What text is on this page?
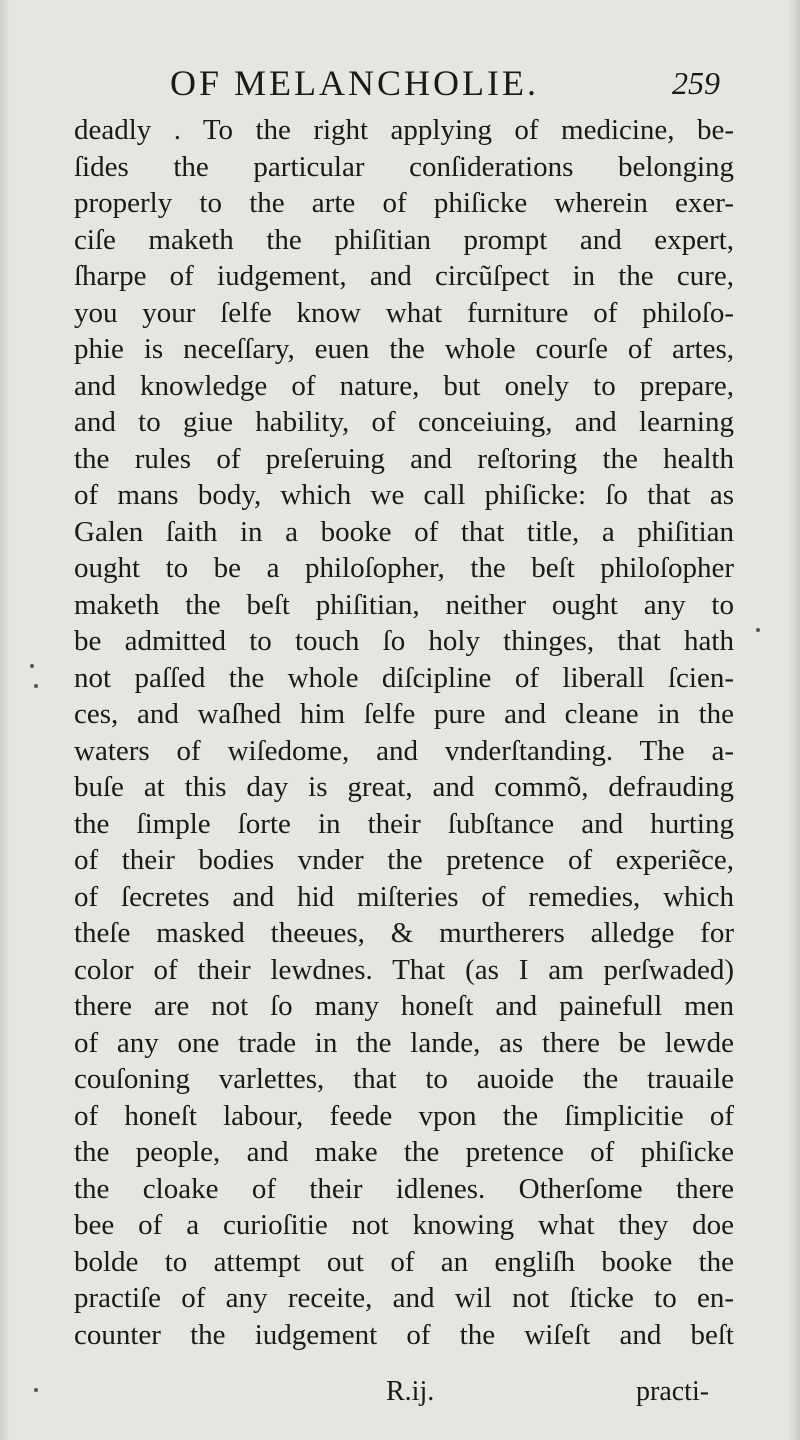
OF MELANCHOLIE.	259
deadly . To the right applying of medicine, be-
ſides the particular conſiderations belonging
properly to the arte of phiſicke wherein exer-
ciſe maketh the phiſitian prompt and expert,
ſharpe of iudgement, and circũſpect in the cure,
you your ſelfe know what furniture of philoſo-
phie is neceſſary, euen the whole courſe of artes,
and knowledge of nature, but onely to prepare,
and to giue hability, of conceiuing, and learning
the rules of preſeruing and reſtoring the health
of mans body, which we call phiſicke: ſo that as
Galen ſaith in a booke of that title, a phiſitian
ought to be a philoſopher, the beſt philoſopher
maketh the beſt phiſitian, neither ought any to
be admitted to touch ſo holy thinges, that hath
not paſſed the whole diſcipline of liberall ſcien-
ces, and waſhed him ſelfe pure and cleane in the
waters of wiſedome, and vnderſtanding. The a-
buſe at this day is great, and commõ, defrauding
the ſimple ſorte in their ſubſtance and hurting
of their bodies vnder the pretence of experiẽce,
of ſecretes and hid miſteries of remedies, which
theſe masked theeues, & murtherers alledge for
color of their lewdnes. That (as I am perſwaded)
there are not ſo many honeſt and painefull men
of any one trade in the lande, as there be lewde
couſoning varlettes, that to auoide the trauaile
of honeſt labour, feede vpon the ſimplicitie of
the people, and make the pretence of phiſicke
the cloake of their idlenes. Otherſome there
bee of a curioſitie not knowing what they doe
bolde to attempt out of an engliſh booke the
practiſe of any receite, and wil not ſticke to en-
counter the iudgement of the wiſeſt and beſt
R.ij.	practi-
